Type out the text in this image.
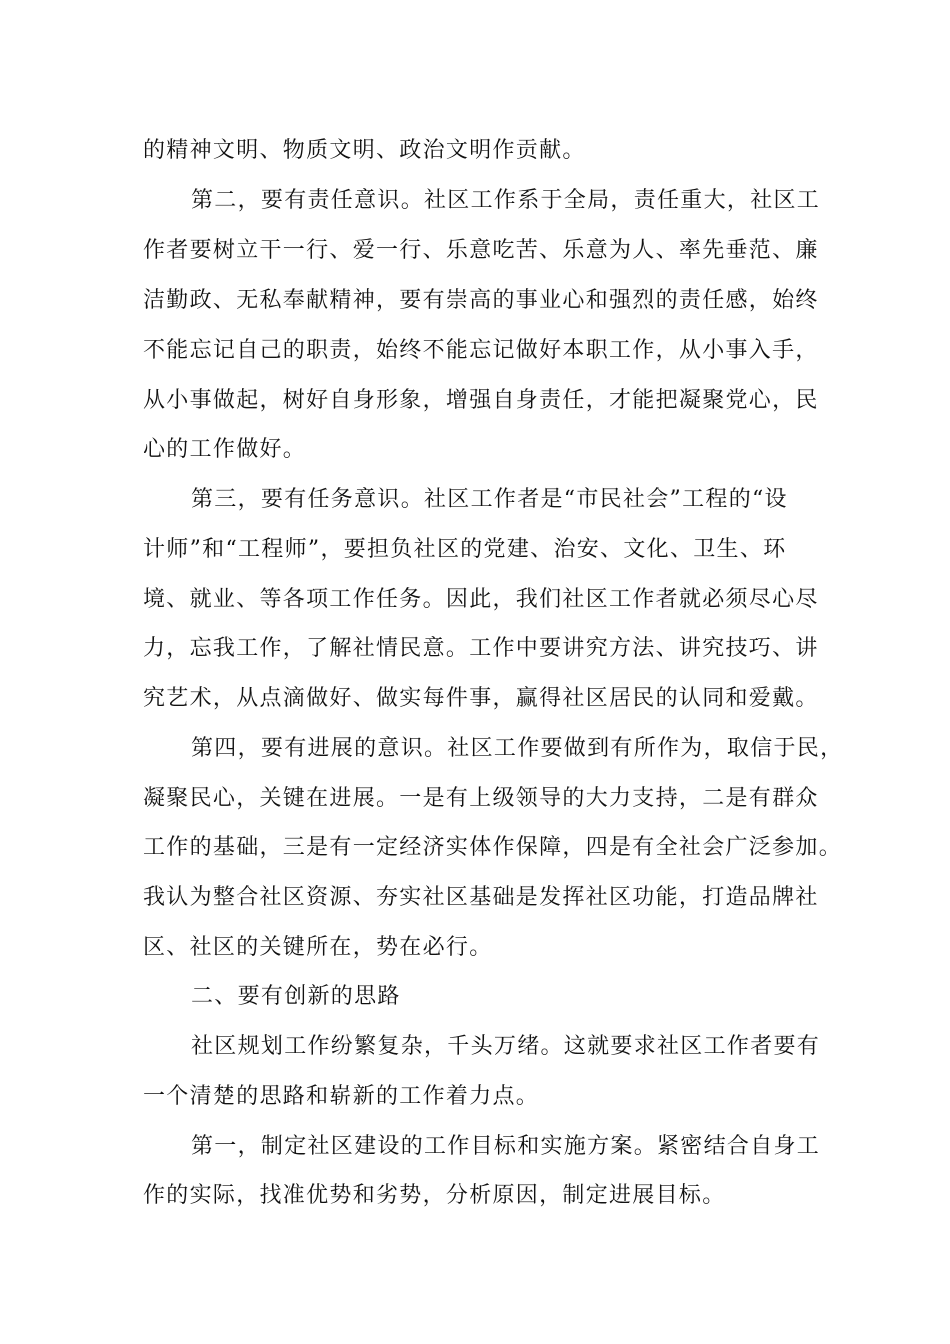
的精神文明、物质文明、政治文明作贡献。
第二，要有责任意识。社区工作系于全局，责任重大，社区工
作者要树立干一行、爱一行、乐意吃苦、乐意为人、率先垂范、廉
洁勤政、无私奉献精神，要有崇高的事业心和强烈的责任感，始终
不能忘记自己的职责，始终不能忘记做好本职工作，从小事入手，
从小事做起，树好自身形象，增强自身责任，才能把凝聚党心，民
心的工作做好。
第三，要有任务意识。社区工作者是“市民社会”工程的“设
计师”和“工程师”，要担负社区的党建、治安、文化、卫生、环
境、就业、等各项工作任务。因此，我们社区工作者就必须尽心尽
力，忘我工作，了解社情民意。工作中要讲究方法、讲究技巧、讲
究艺术，从点滴做好、做实每件事，赢得社区居民的认同和爱戴。
第四，要有进展的意识。社区工作要做到有所作为，取信于民，
凝聚民心，关键在进展。一是有上级领导的大力支持，二是有群众
工作的基础，三是有一定经济实体作保障，四是有全社会广泛参加。
我认为整合社区资源、夯实社区基础是发挥社区功能，打造品牌社
区、社区的关键所在，势在必行。
二、要有创新的思路
社区规划工作纷繁复杂，千头万绪。这就要求社区工作者要有
一个清楚的思路和崭新的工作着力点。
第一，制定社区建设的工作目标和实施方案。紧密结合自身工
作的实际，找准优势和劣势，分析原因，制定进展目标。
